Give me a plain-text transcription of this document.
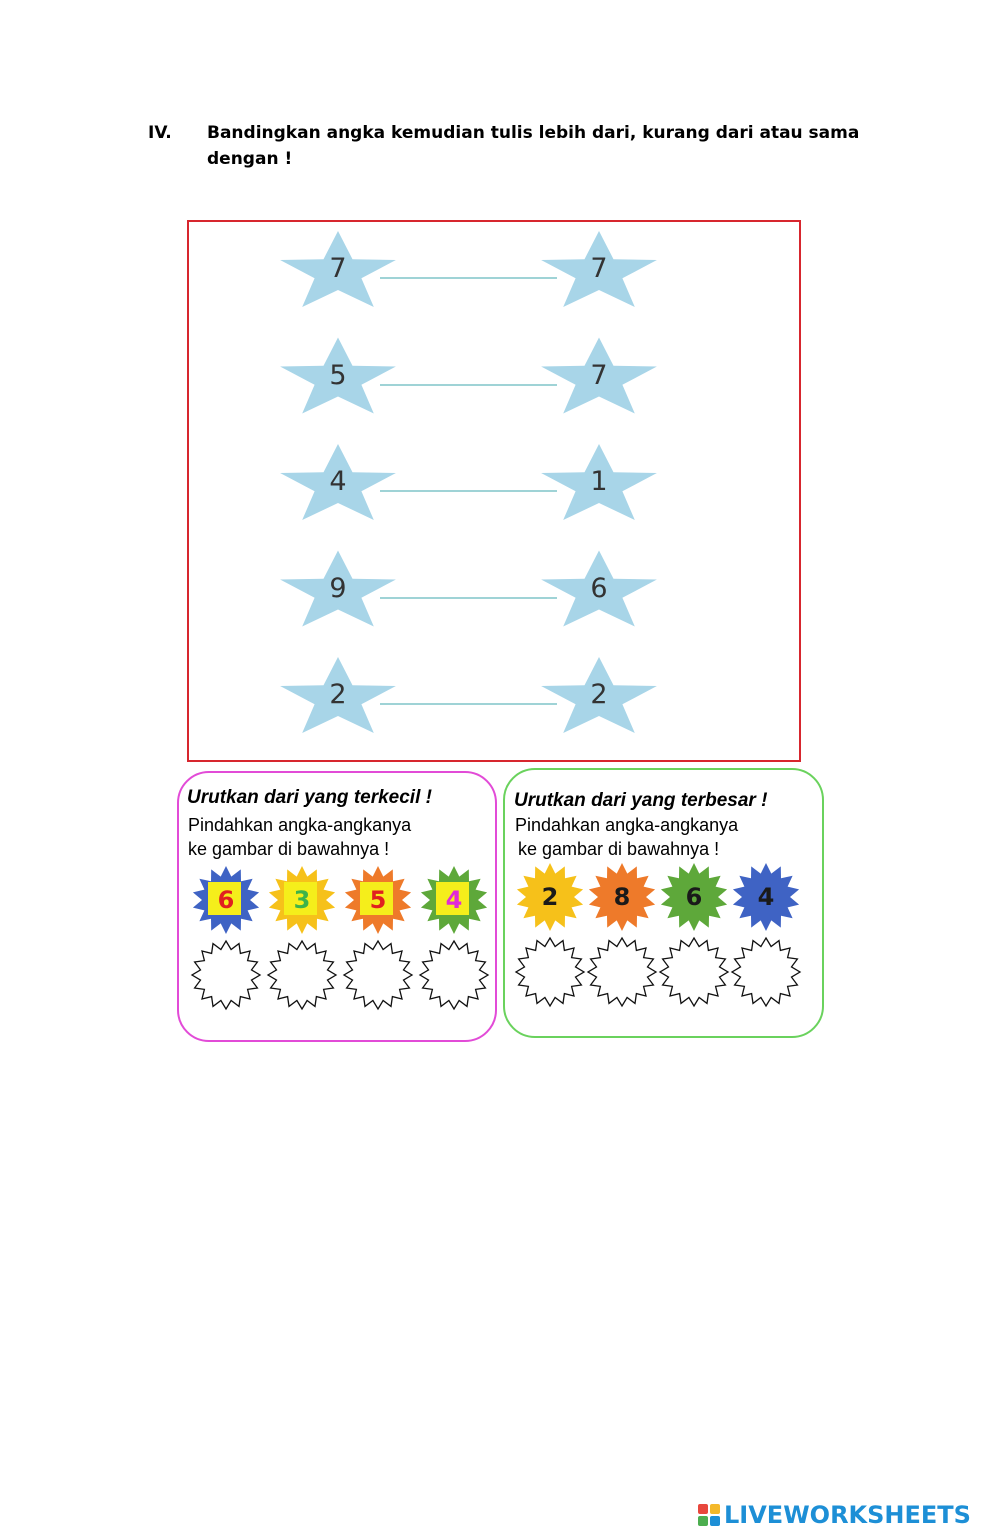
IV. Bandingkan angka kemudian tulis lebih dari, kurang dari atau sama dengan !
7	7
5	7
4	1
9	6
2	2
Urutkan dari yang terkecil !
Pindahkan angka-angkanya
ke gambar di bawahnya !
6	3	5	4
Urutkan dari yang terbesar !
Pindahkan angka-angkanya
ke gambar di bawahnya !
2	8	6	4
LIVEWORKSHEETS
